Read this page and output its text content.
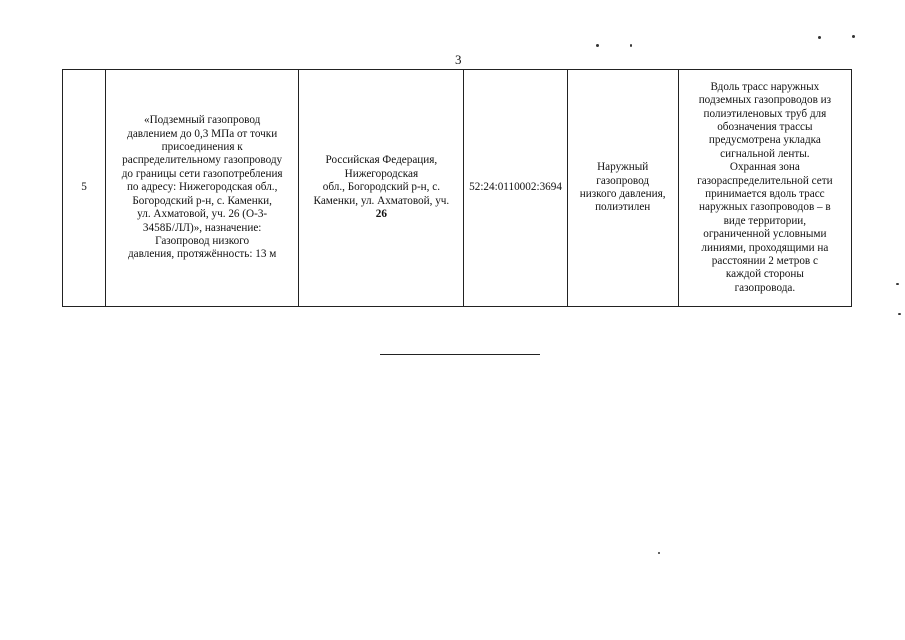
3
5	«Подземный газопровод
давлением до 0,3 МПа от точки
присоединения к
распределительному газопроводу
до границы сети газопотребления
по адресу: Нижегородская обл.,
Богородский р-н, с. Каменки,
ул. Ахматовой, уч. 26 (О-3-
3458Б/ЛЛ)», назначение:
Газопровод низкого
давления, протяжённость: 13 м	Российская Федерация,
Нижегородская
обл., Богородский р-н, с.
Каменки, ул. Ахматовой, уч.
26	52:24:0110002:3694	Наружный
газопровод
низкого давления,
полиэтилен	Вдоль трасс наружных
подземных газопроводов из
полиэтиленовых труб для
обозначения трассы
предусмотрена укладка
сигнальной ленты.
Охранная зона
газораспределительной сети
принимается вдоль трасс
наружных газопроводов – в
виде территории,
ограниченной условными
линиями, проходящими на
расстоянии 2 метров с
каждой стороны
газопровода.
